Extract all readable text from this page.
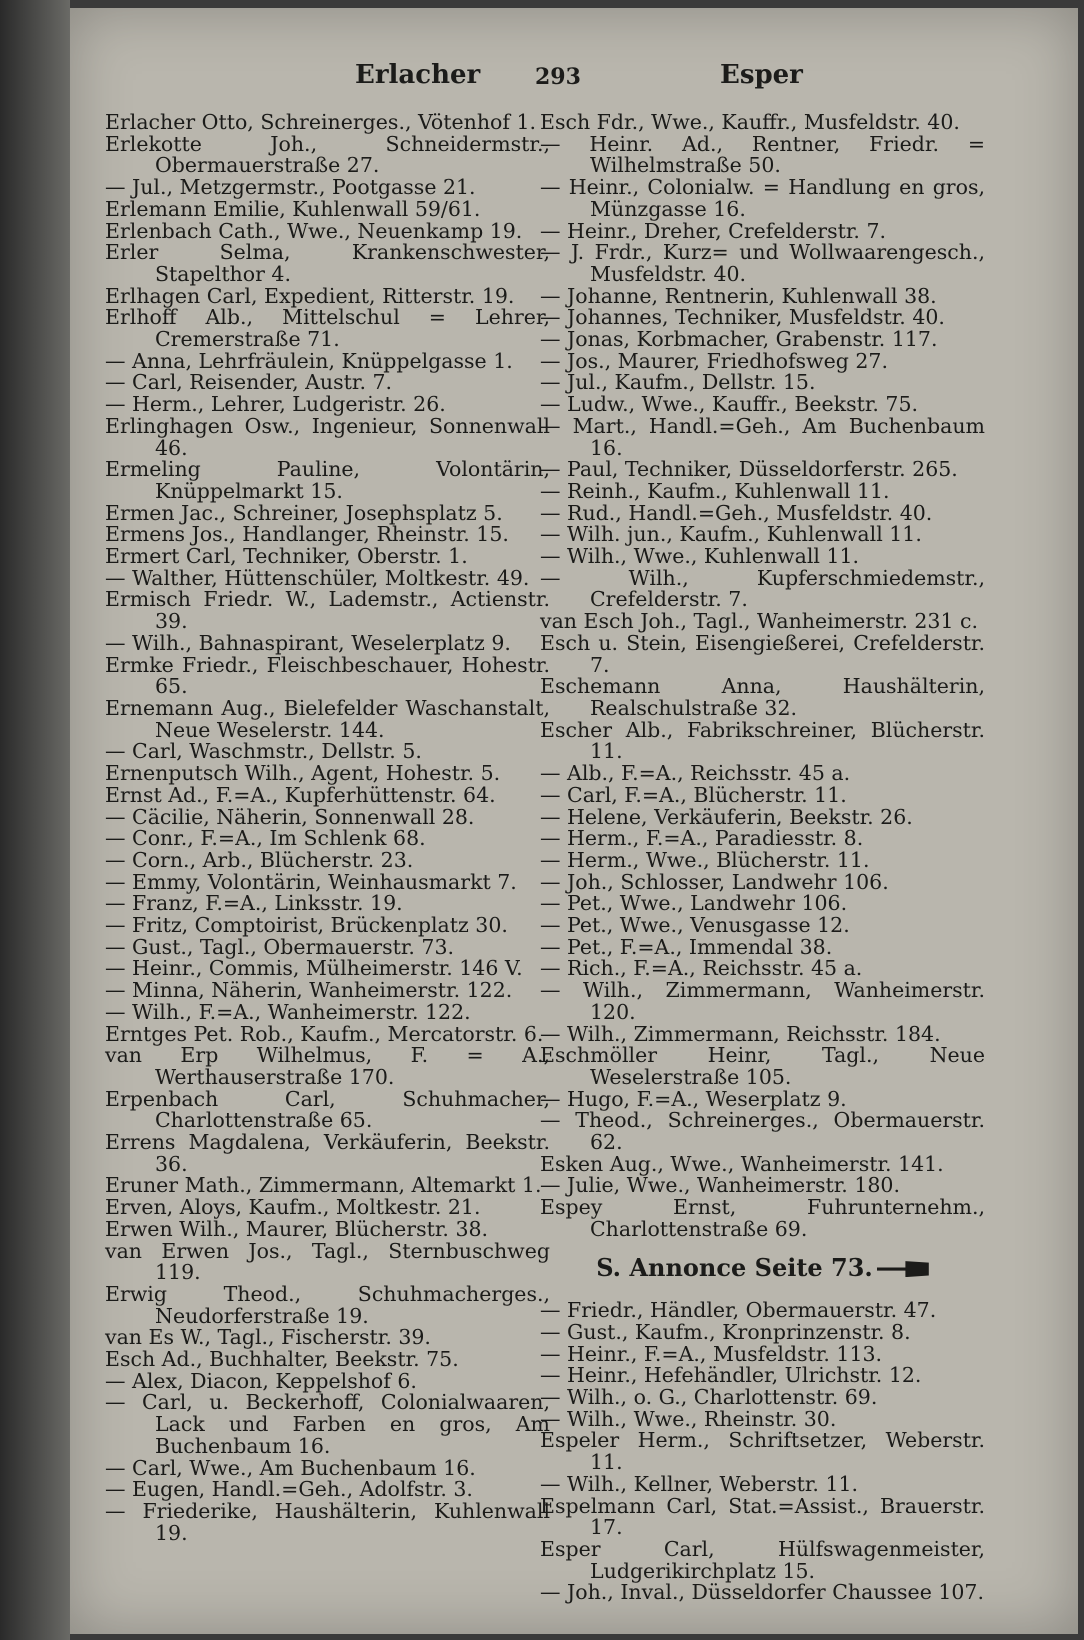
Erlacher 293	Esper

Erlacher Otto, Schreinerges., Vötenhof 1.

Erlekotte Joh., Schneidermstr., Obermauerstraße 27.

— Jul., Metzgermstr., Pootgasse 21.

Erlemann Emilie, Kuhlenwall 59/61.

Erlenbach Cath., Wwe., Neuenkamp 19.

Erler Selma, Krankenschwester, Stapelthor 4.

Erlhagen Carl, Expedient, Ritterstr. 19.

Erlhoff Alb., Mittelschul = Lehrer, Cremerstraße 71.

— Anna, Lehrfräulein, Knüppelgasse 1.

— Carl, Reisender, Austr. 7.

— Herm., Lehrer, Ludgeristr. 26.

Erlinghagen Osw., Ingenieur, Sonnenwall 46.

Ermeling Pauline, Volontärin, Knüppelmarkt 15.

Ermen Jac., Schreiner, Josephsplatz 5.

Ermens Jos., Handlanger, Rheinstr. 15.

Ermert Carl, Techniker, Oberstr. 1.

— Walther, Hüttenschüler, Moltkestr. 49.

Ermisch Friedr. W., Lademstr., Actienstr. 39.

— Wilh., Bahnaspirant, Weselerplatz 9.

Ermke Friedr., Fleischbeschauer, Hohestr. 65.

Ernemann Aug., Bielefelder Waschanstalt, Neue Weselerstr. 144.

— Carl, Waschmstr., Dellstr. 5.

Ernenputsch Wilh., Agent, Hohestr. 5.

Ernst Ad., F.=A., Kupferhüttenstr. 64.

— Cäcilie, Näherin, Sonnenwall 28.

— Conr., F.=A., Im Schlenk 68.

— Corn., Arb., Blücherstr. 23.

— Emmy, Volontärin, Weinhausmarkt 7.

— Franz, F.=A., Linksstr. 19.

— Fritz, Comptoirist, Brückenplatz 30.

— Gust., Tagl., Obermauerstr. 73.

— Heinr., Commis, Mülheimerstr. 146 V.

— Minna, Näherin, Wanheimerstr. 122.

— Wilh., F.=A., Wanheimerstr. 122.

Erntges Pet. Rob., Kaufm., Mercatorstr. 6.

van Erp Wilhelmus, F. = A., Werthauserstraße 170.

Erpenbach Carl, Schuhmacher, Charlottenstraße 65.

Errens Magdalena, Verkäuferin, Beekstr. 36.

Eruner Math., Zimmermann, Altemarkt 1.

Erven, Aloys, Kaufm., Moltkestr. 21.

Erwen Wilh., Maurer, Blücherstr. 38.

van Erwen Jos., Tagl., Sternbuschweg 119.

Erwig Theod., Schuhmacherges., Neudorferstraße 19.

van Es W., Tagl., Fischerstr. 39.

Esch Ad., Buchhalter, Beekstr. 75.

— Alex, Diacon, Keppelshof 6.

— Carl, u. Beckerhoff, Colonialwaaren, Lack und Farben en gros, Am Buchenbaum 16.

— Carl, Wwe., Am Buchenbaum 16.

— Eugen, Handl.=Geh., Adolfstr. 3.

— Friederike, Haushälterin, Kuhlenwall 19.

Esch Fdr., Wwe., Kauffr., Musfeldstr. 40.

— Heinr. Ad., Rentner, Friedr. = Wilhelmstraße 50.

— Heinr., Colonialw. = Handlung en gros, Münzgasse 16.

— Heinr., Dreher, Crefelderstr. 7.

— J. Frdr., Kurz= und Wollwaarengesch., Musfeldstr. 40.

— Johanne, Rentnerin, Kuhlenwall 38.

— Johannes, Techniker, Musfeldstr. 40.

— Jonas, Korbmacher, Grabenstr. 117.

— Jos., Maurer, Friedhofsweg 27.

— Jul., Kaufm., Dellstr. 15.

— Ludw., Wwe., Kauffr., Beekstr. 75.

— Mart., Handl.=Geh., Am Buchenbaum 16.

— Paul, Techniker, Düsseldorferstr. 265.

— Reinh., Kaufm., Kuhlenwall 11.

— Rud., Handl.=Geh., Musfeldstr. 40.

— Wilh. jun., Kaufm., Kuhlenwall 11.

— Wilh., Wwe., Kuhlenwall 11.

— Wilh., Kupferschmiedemstr., Crefelderstr. 7.

van Esch Joh., Tagl., Wanheimerstr. 231 c.

Esch u. Stein, Eisengießerei, Crefelderstr. 7.

Eschemann Anna, Haushälterin, Realschulstraße 32.

Escher Alb., Fabrikschreiner, Blücherstr. 11.

— Alb., F.=A., Reichsstr. 45 a.

— Carl, F.=A., Blücherstr. 11.

— Helene, Verkäuferin, Beekstr. 26.

— Herm., F.=A., Paradiesstr. 8.

— Herm., Wwe., Blücherstr. 11.

— Joh., Schlosser, Landwehr 106.

— Pet., Wwe., Landwehr 106.

— Pet., Wwe., Venusgasse 12.

— Pet., F.=A., Immendal 38.

— Rich., F.=A., Reichsstr. 45 a.

— Wilh., Zimmermann, Wanheimerstr. 120.

— Wilh., Zimmermann, Reichsstr. 184.

Eschmöller Heinr, Tagl., Neue Weselerstraße 105.

— Hugo, F.=A., Weserplatz 9.

— Theod., Schreinerges., Obermauerstr. 62.

Esken Aug., Wwe., Wanheimerstr. 141.

— Julie, Wwe., Wanheimerstr. 180.

Espey Ernst, Fuhrunternehm., Charlottenstraße 69.

S. Annonce Seite 73.

— Friedr., Händler, Obermauerstr. 47.

— Gust., Kaufm., Kronprinzenstr. 8.

— Heinr., F.=A., Musfeldstr. 113.

— Heinr., Hefehändler, Ulrichstr. 12.

— Wilh., o. G., Charlottenstr. 69.

— Wilh., Wwe., Rheinstr. 30.

Espeler Herm., Schriftsetzer, Weberstr. 11.

— Wilh., Kellner, Weberstr. 11.

Espelmann Carl, Stat.=Assist., Brauerstr. 17.

Esper Carl, Hülfswagenmeister, Ludgerikirchplatz 15.

— Joh., Inval., Düsseldorfer Chaussee 107.
